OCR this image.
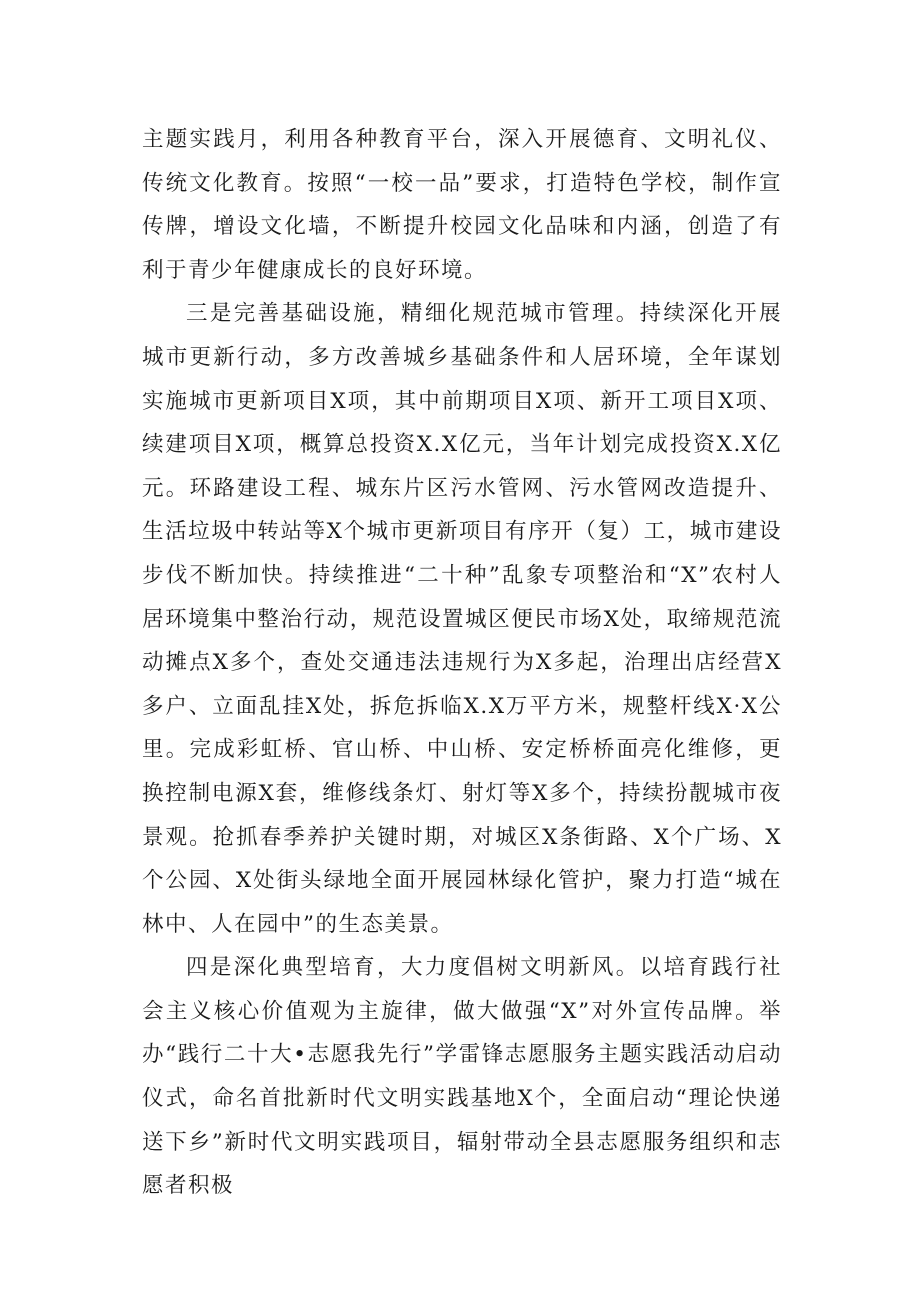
主题实践月，利用各种教育平台，深入开展德育、文明礼仪、传统文化教育。按照“一校一品”要求，打造特色学校，制作宣传牌，增设文化墙，不断提升校园文化品味和内涵，创造了有利于青少年健康成长的良好环境。

三是完善基础设施，精细化规范城市管理。持续深化开展城市更新行动，多方改善城乡基础条件和人居环境，全年谋划实施城市更新项目X项，其中前期项目X项、新开工项目X项、续建项目X项，概算总投资X.X亿元，当年计划完成投资X.X亿元。环路建设工程、城东片区污水管网、污水管网改造提升、生活垃圾中转站等X个城市更新项目有序开（复）工，城市建设步伐不断加快。持续推进“二十种”乱象专项整治和“X”农村人居环境集中整治行动，规范设置城区便民市场X处，取缔规范流动摊点X多个，查处交通违法违规行为X多起，治理出店经营X多户、立面乱挂X处，拆危拆临X.X万平方米，规整杆线X·X公里。完成彩虹桥、官山桥、中山桥、安定桥桥面亮化维修，更换控制电源X套，维修线条灯、射灯等X多个，持续扮靓城市夜景观。抢抓春季养护关键时期，对城区X条街路、X个广场、X个公园、X处街头绿地全面开展园林绿化管护，聚力打造“城在林中、人在园中”的生态美景。

四是深化典型培育，大力度倡树文明新风。以培育践行社会主义核心价值观为主旋律，做大做强“X”对外宣传品牌。举办“践行二十大•志愿我先行”学雷锋志愿服务主题实践活动启动仪式，命名首批新时代文明实践基地X个，全面启动“理论快递送下乡”新时代文明实践项目，辐射带动全县志愿服务组织和志愿者积极
